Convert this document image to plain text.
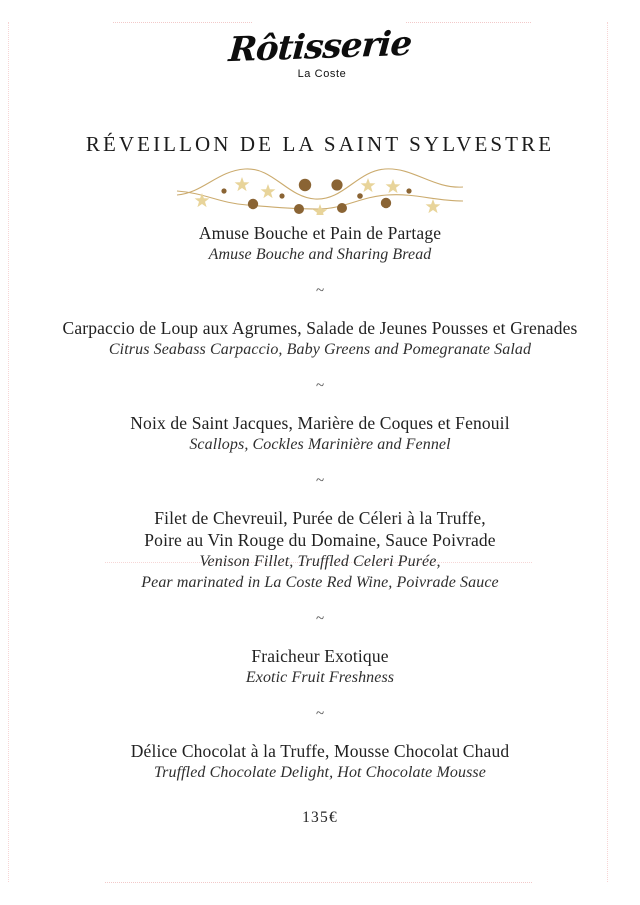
Rôtisserie
La Coste
RÉVEILLON DE LA SAINT SYLVESTRE
Amuse Bouche et Pain de Partage
Amuse Bouche and Sharing Bread
~
Carpaccio de Loup aux Agrumes, Salade de Jeunes Pousses et Grenades
Citrus Seabass Carpaccio, Baby Greens and Pomegranate Salad
~
Noix de Saint Jacques, Marière de Coques et Fenouil
Scallops, Cockles Marinière and Fennel
~
Filet de Chevreuil, Purée de Céleri à la Truffe,
Poire au Vin Rouge du Domaine, Sauce Poivrade
Venison Fillet, Truffled Celeri Purée,
Pear marinated in La Coste Red Wine, Poivrade Sauce
~
Fraicheur Exotique
Exotic Fruit Freshness
~
Délice Chocolat à la Truffe, Mousse Chocolat Chaud
Truffled Chocolate Delight, Hot Chocolate Mousse
135€
